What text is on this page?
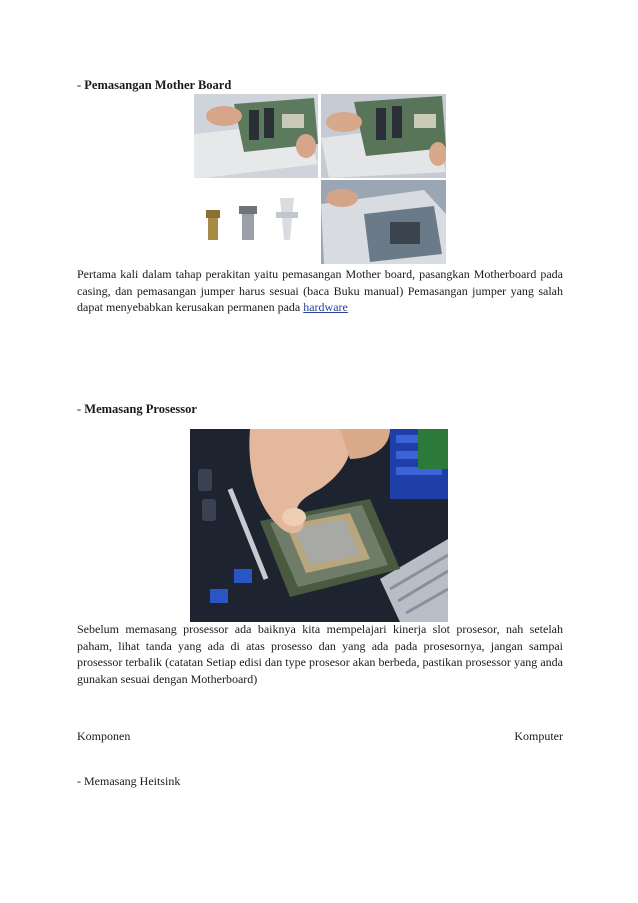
- Pemasangan Mother Board

Pertama kali dalam tahap perakitan yaitu pemasangan Mother board, pasangkan Motherboard pada casing, dan pemasangan jumper harus sesuai (baca Buku manual) Pemasangan jumper yang salah dapat menyebabkan kerusakan permanen pada hardware

- Memasang Prosessor

Sebelum memasang prosessor ada baiknya kita mempelajari kinerja slot prosesor, nah setelah paham, lihat tanda yang ada di atas prosesso dan yang ada pada prosesornya, jangan sampai prosessor terbalik (catatan Setiap edisi dan type prosesor akan berbeda, pastikan prosessor yang anda gunakan sesuai dengan Motherboard)

Komponen	Komputer
- Memasang Heitsink
